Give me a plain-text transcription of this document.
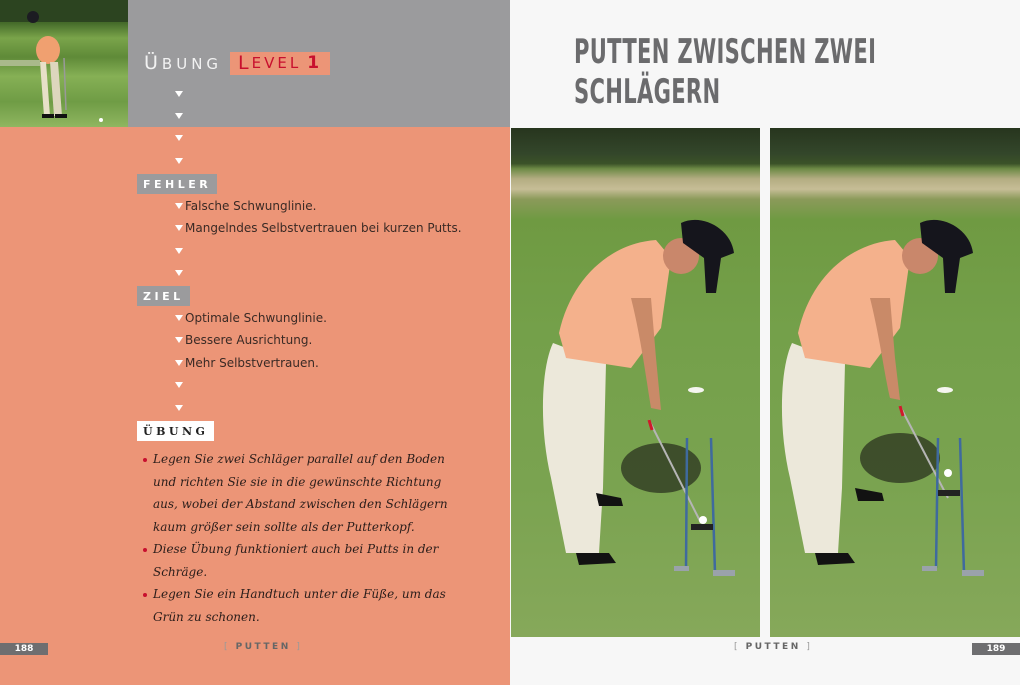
ÜBUNG L EVEL 1
FEHLER
Falsche Schwunglinie.
Mangelndes Selbstvertrauen bei kurzen Putts.
ZIEL
Optimale Schwunglinie.
Bessere Ausrichtung.
Mehr Selbstvertrauen.
ÜBUNG
Legen Sie zwei Schläger parallel auf den Boden und richten Sie sie in die gewünschte Richtung aus, wobei der Abstand zwischen den Schlägern kaum größer sein sollte als der Putterkopf.
Diese Übung funktioniert auch bei Putts in der Schräge.
Legen Sie ein Handtuch unter die Füße, um das Grün zu schonen.
188	[ PUTTEN ]
PUTTEN ZWISCHEN ZWEI
SCHLÄGERN
[ PUTTEN ]	189
